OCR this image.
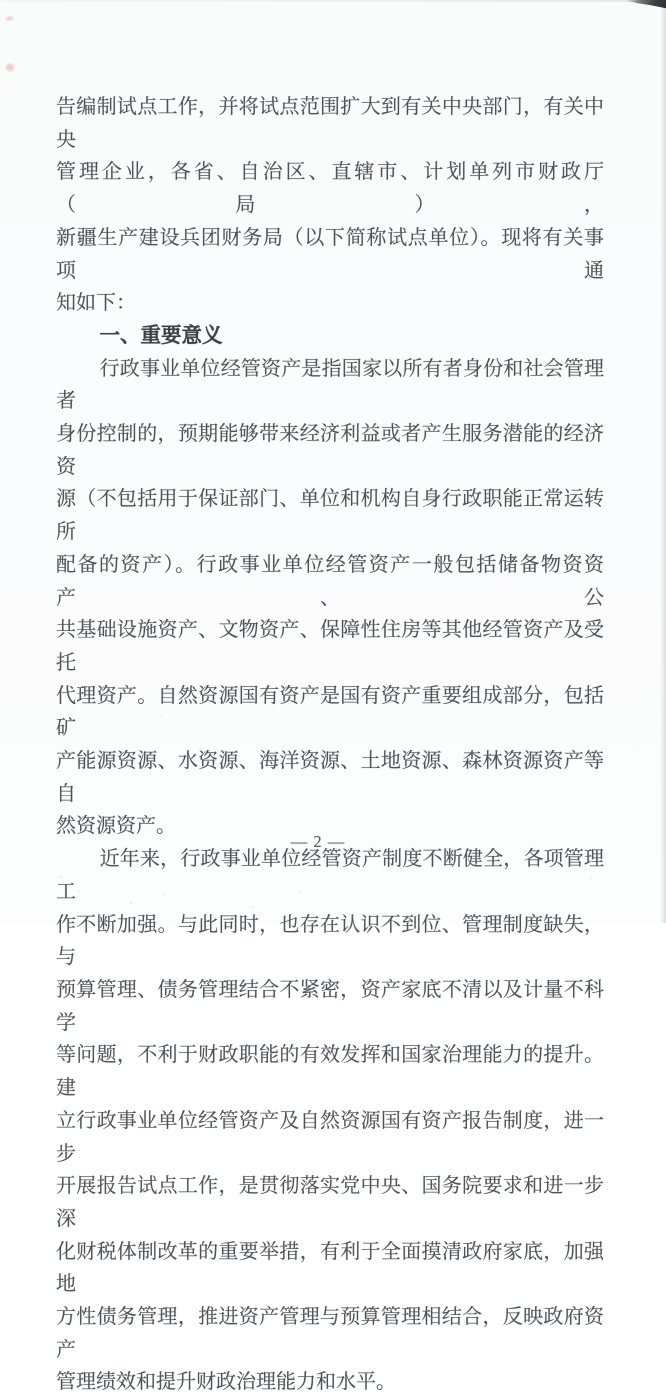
告编制试点工作，并将试点范围扩大到有关中央部门，有关中央
管理企业，各省、自治区、直辖市、计划单列市财政厅（局），
新疆生产建设兵团财务局（以下简称试点单位）。现将有关事项通
知如下：
一、重要意义
行政事业单位经管资产是指国家以所有者身份和社会管理者
身份控制的，预期能够带来经济利益或者产生服务潜能的经济资
源（不包括用于保证部门、单位和机构自身行政职能正常运转所
配备的资产）。行政事业单位经管资产一般包括储备物资资产、公
共基础设施资产、文物资产、保障性住房等其他经管资产及受托
代理资产。自然资源国有资产是国有资产重要组成部分，包括矿
产能源资源、水资源、海洋资源、土地资源、森林资源资产等自
然资源资产。
近年来，行政事业单位经管资产制度不断健全，各项管理工
作不断加强。与此同时，也存在认识不到位、管理制度缺失，与
预算管理、债务管理结合不紧密，资产家底不清以及计量不科学
等问题，不利于财政职能的有效发挥和国家治理能力的提升。建
立行政事业单位经管资产及自然资源国有资产报告制度，进一步
开展报告试点工作，是贯彻落实党中央、国务院要求和进一步深
化财税体制改革的重要举措，有利于全面摸清政府家底，加强地
方性债务管理，推进资产管理与预算管理相结合，反映政府资产
管理绩效和提升财政治理能力和水平。
— 2 —
